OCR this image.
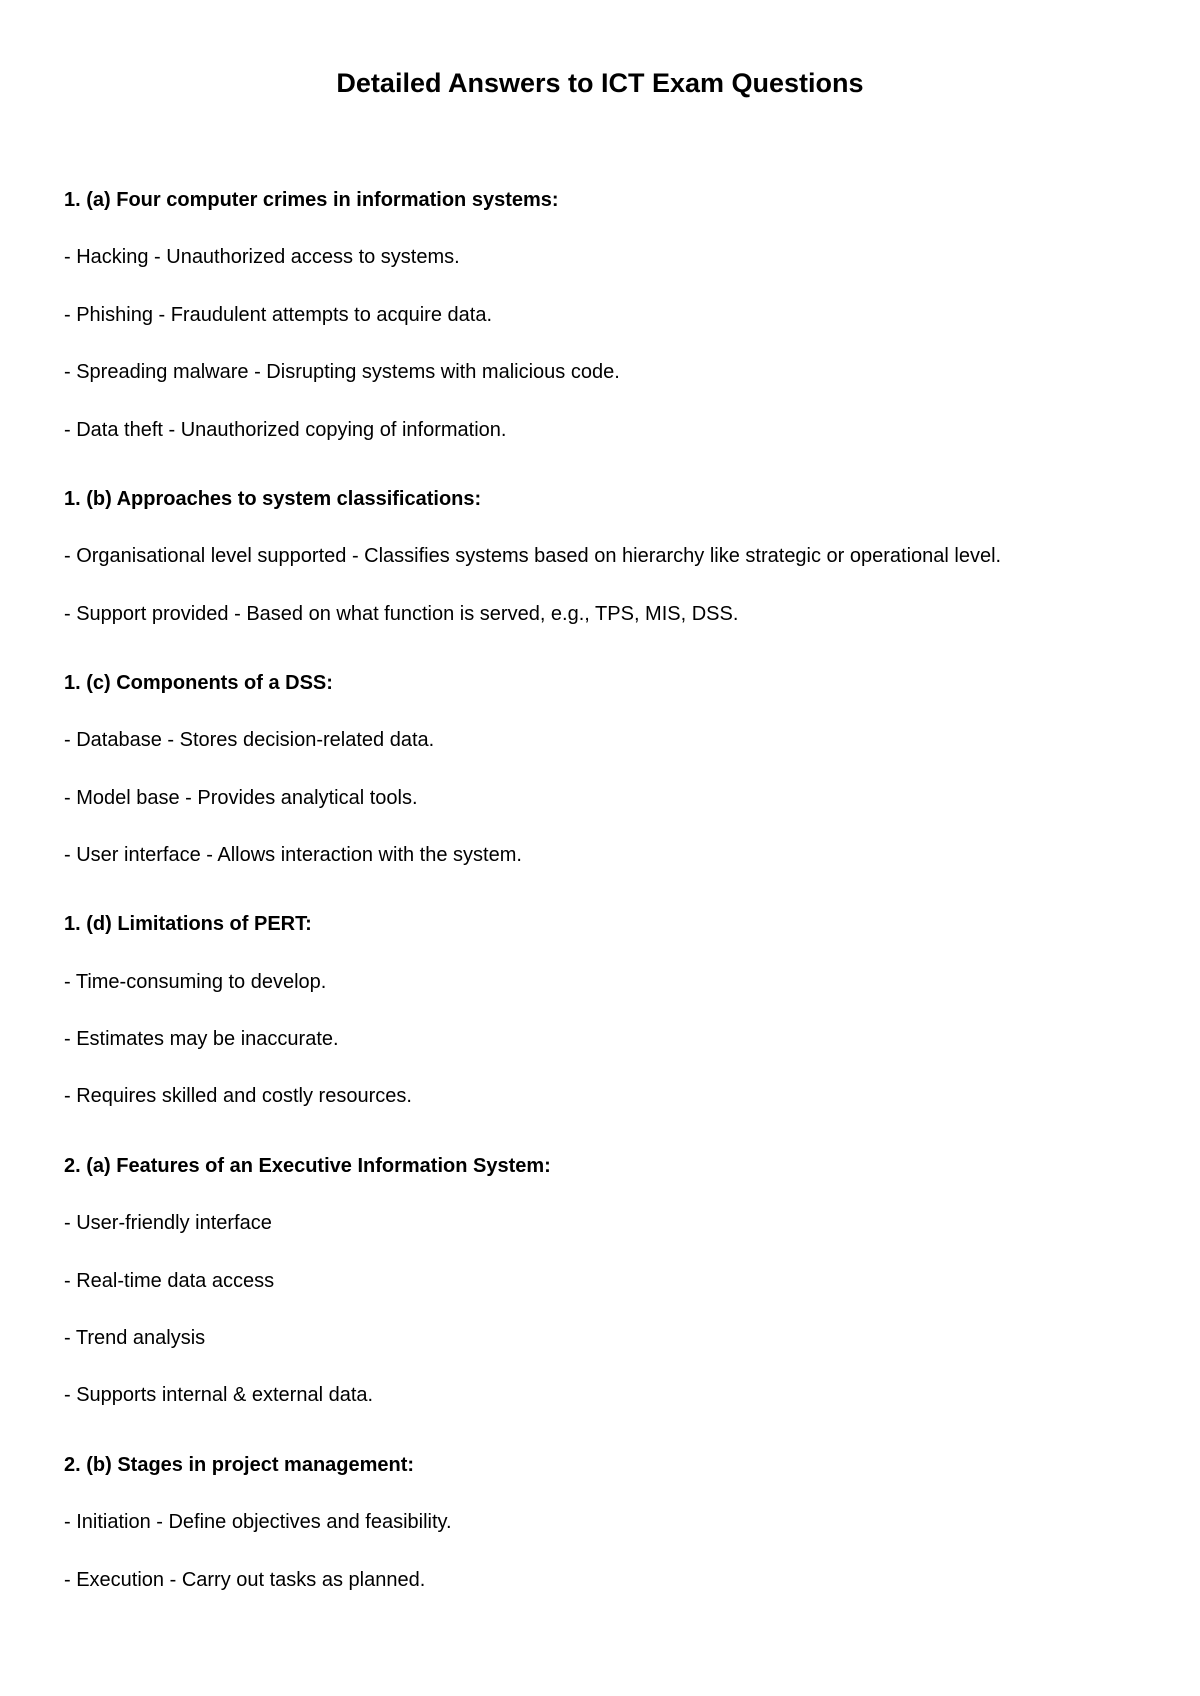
Detailed Answers to ICT Exam Questions

1. (a) Four computer crimes in information systems:

- Hacking - Unauthorized access to systems.

- Phishing - Fraudulent attempts to acquire data.

- Spreading malware - Disrupting systems with malicious code.

- Data theft - Unauthorized copying of information.

1. (b) Approaches to system classifications:

- Organisational level supported - Classifies systems based on hierarchy like strategic or operational level.

- Support provided - Based on what function is served, e.g., TPS, MIS, DSS.

1. (c) Components of a DSS:

- Database - Stores decision-related data.

- Model base - Provides analytical tools.

- User interface - Allows interaction with the system.

1. (d) Limitations of PERT:

- Time-consuming to develop.

- Estimates may be inaccurate.

- Requires skilled and costly resources.

2. (a) Features of an Executive Information System:

- User-friendly interface

- Real-time data access

- Trend analysis

- Supports internal & external data.

2. (b) Stages in project management:

- Initiation - Define objectives and feasibility.

- Execution - Carry out tasks as planned.
